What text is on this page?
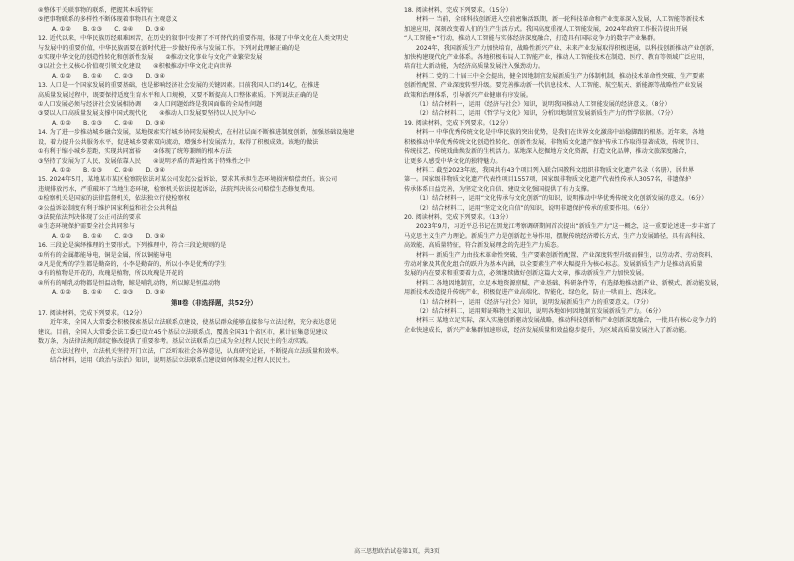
④整体干关联事物的联系，把握其本质特征

⑤把事物联系的多样性不断体现着事物具有主观意义

A. ①②　　B. ①③　　C. ②④　　D. ③④

12. 近代以来，中华民族历经艰难困苦，在历史的叙事中发挥了不可替代的重要作用，体现了中华文化在人类文明史

与发展中的重要价值，中华民族需要在新时代进一步做好传承与发展工作。下列对此理解正确的是

①实现中华文化的创造性转化和创新性发展　　②推动文化事业与文化产业繁荣发展

③以社会主义核心价值观引领文化建设　　④积极推动中华文化走向世界

A. ①②　　B. ①④　　C. ②③　　D. ③④

13. 人口是一个国家发展的重要基础，也是影响经济社会发展的关键因素。目前我国人口约14亿，在推进

高质量发展过程中，既要保持适度生育水平和人口规模，又要不断提高人口整体素质。下列说法正确的是

①人口发展必须与经济社会发展相协调　　②人口问题始终是我国面临的全局性问题

③要以人口高质量发展支撑中国式现代化　　④推动人口发展要坚持以人民为中心

A. ①②　　B. ①③　　C. ②④　　D. ③④

14. 为了进一步推动城乡融合发展，某地探索实行城乡协同发展模式，在村社层面不断推进制度创新，加强基础设施建

设，着力提升公共服务水平，促进城乡要素双向流动，增强乡村发展活力，取得了积极成效。该地的做法

①有利于缩小城乡差距，实现共同富裕　　②体现了统筹兼顾的根本方法

③坚持了发展为了人民、发展依靠人民　　④说明矛盾的普遍性寓于特殊性之中

A. ①②　　B. ①③　　C. ②④　　D. ③④

15. 2024年5月，某地某市某区检察院依法对某公司发起公益诉讼，要求其承担生态环境损害赔偿责任。该公司

违规排放污水，严重破坏了当地生态环境，检察机关依法提起诉讼，法院判决该公司赔偿生态修复费用。

①检察机关是国家的法律监督机关，依法独立行使检察权

②公益诉讼制度有利于维护国家利益和社会公共利益

③法院依法判决体现了公正司法的要求

④生态环境保护需要全社会共同参与

A. ①②　　B. ①④　　C. ②③　　D. ③④

16. 三段论是演绎推理的主要形式。下列推理中，符合三段论规则的是

①所有的金属都能导电，铜是金属，所以铜能导电

②凡是优秀的学生都是勤奋的，小李是勤奋的，所以小李是优秀的学生

③有的植物是开花的，玫瑰是植物，所以玫瑰是开花的

④所有的哺乳动物都是恒温动物，鲸是哺乳动物，所以鲸是恒温动物

A. ①②　　B. ①④　　C. ②③　　D. ③④

第Ⅱ卷（非选择题，共52分）

17. 阅读材料，完成下列要求。（12分）

近年来，全国人大常委会积极探索基层立法联系点建设，使基层群众能够直接参与立法过程，充分表达意见

建议。目前，全国人大常委会法工委已设立45个基层立法联系点，覆盖全国31个省区市，累计征集意见建议

数万条，为法律法规的制定修改提供了重要参考。基层立法联系点已成为全过程人民民主的生动实践。

在立法过程中，立法机关坚持开门立法，广泛听取社会各界意见，认真研究论证，不断提高立法质量和效率。

结合材料，运用《政治与法治》知识，说明基层立法联系点建设如何体现全过程人民民主。

18. 阅读材料，完成下列要求。（15分）

材料一 当前，全球科技创新进入空前密集活跃期，新一轮科技革命和产业变革深入发展，人工智能等新技术

加速应用，深刻改变着人们的生产生活方式。我国高度重视人工智能发展，2024年政府工作报告提出开展

“人工智能+”行动，推动人工智能与实体经济深度融合，打造具有国际竞争力的数字产业集群。

2024年，我国新质生产力加快培育，战略性新兴产业、未来产业发展取得积极进展，以科技创新推动产业创新，

加快构建现代化产业体系。各地积极布局人工智能产业，推动人工智能技术在制造、医疗、教育等领域广泛应用，

培育壮大新动能，为经济高质量发展注入强劲动力。

材料二 党的二十届三中全会提出，健全因地制宜发展新质生产力体制机制，推动技术革命性突破、生产要素

创新性配置、产业深度转型升级。要完善推动新一代信息技术、人工智能、航空航天、新能源等战略性产业发展

政策和治理体系，引导新兴产业健康有序发展。

（1）结合材料一，运用《经济与社会》知识，说明我国推动人工智能发展的经济意义。（8分）

（2）结合材料二，运用《哲学与文化》知识，分析因地制宜发展新质生产力的哲学依据。（7分）

19. 阅读材料，完成下列要求。（12分）

材料一 中华优秀传统文化是中华民族的突出优势，是我们在世界文化激荡中站稳脚跟的根基。近年来，各地

积极推动中华优秀传统文化创造性转化、创新性发展，非物质文化遗产保护传承工作取得显著成效，传统节日、

传统技艺、传统戏曲焕发新的生机活力。某地深入挖掘地方文化资源，打造文化品牌，推动文旅深度融合，

让更多人感受中华文化的独特魅力。

材料二 截至2023年底，我国共有43个项目列入联合国教科文组织非物质文化遗产名录（名册），居世界

第一。国家级非物质文化遗产代表性项目1557项，国家级非物质文化遗产代表性传承人3057名，非遗保护

传承体系日益完善，为坚定文化自信、建设文化强国提供了有力支撑。

（1）结合材料一，运用“文化传承与文化创新”的知识，说明推动中华优秀传统文化创新发展的意义。（6分）

（2）结合材料二，运用“坚定文化自信”的知识，说明非遗保护传承的重要作用。（6分）

20. 阅读材料，完成下列要求。（13分）

2023年9月，习近平总书记在黑龙江考察调研期间首次提出“新质生产力”这一概念，这一重要论述进一步丰富了

马克思主义生产力理论。新质生产力是创新起主导作用，摆脱传统经济增长方式、生产力发展路径，具有高科技、

高效能、高质量特征，符合新发展理念的先进生产力质态。

材料一 新质生产力由技术革命性突破、生产要素创新性配置、产业深度转型升级而催生，以劳动者、劳动资料、

劳动对象及其优化组合的跃升为基本内涵，以全要素生产率大幅提升为核心标志。发展新质生产力是推动高质量

发展的内在要求和重要着力点，必须继续做好创新这篇大文章，推动新质生产力加快发展。

材料二 各地因地制宜，立足本地资源禀赋、产业基础、科研条件等，有选择地推动新产业、新模式、新动能发展，

用新技术改造提升传统产业，积极促进产业高端化、智能化、绿色化，防止一哄而上、泡沫化。

（1）结合材料一，运用《经济与社会》知识，说明发展新质生产力的重要意义。（7分）

（2）结合材料二，运用辩证唯物主义知识，说明各地如何因地制宜发展新质生产力。（6分）

材料三 某地立足实际，深入实施创新驱动发展战略，推动科技创新和产业创新深度融合，一批具有核心竞争力的

企业快速成长，新兴产业集群加速形成，经济发展质量和效益稳步提升，为区域高质量发展注入了新动能。

高三思想政治试卷第1页，共3页
